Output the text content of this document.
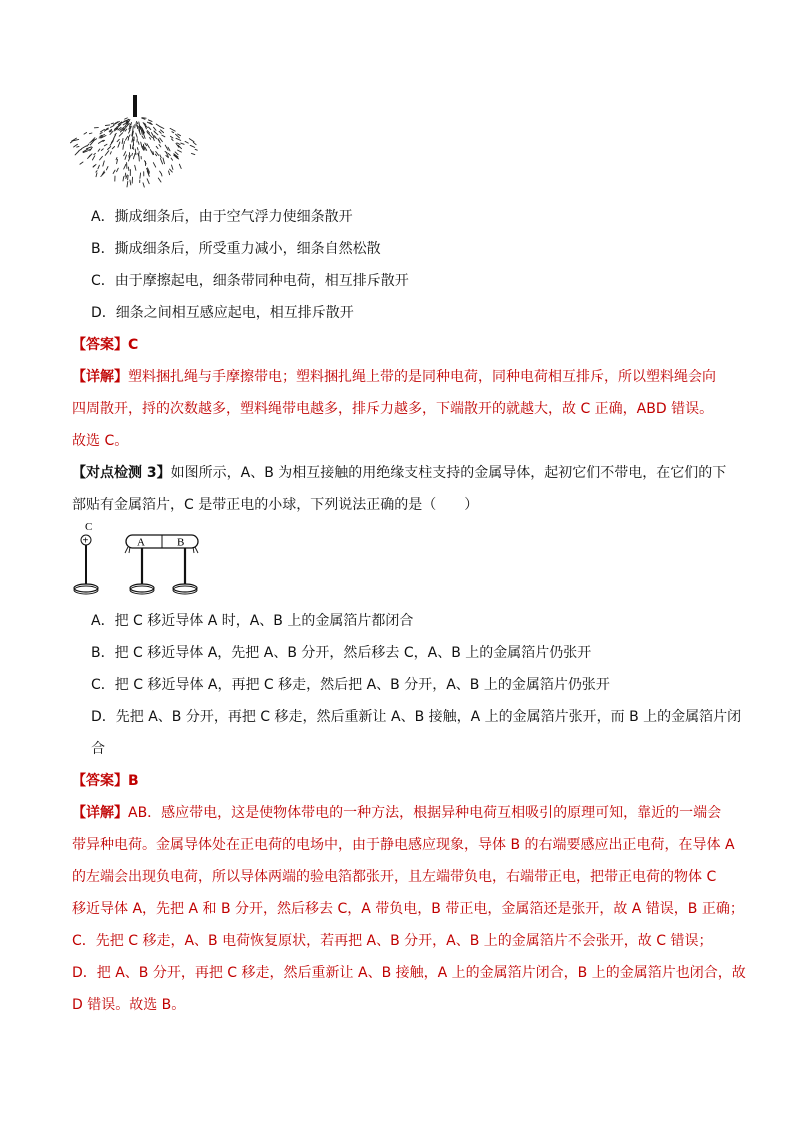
A．撕成细条后，由于空气浮力使细条散开
B．撕成细条后，所受重力减小，细条自然松散
C．由于摩擦起电，细条带同种电荷，相互排斥散开
D．细条之间相互感应起电，相互排斥散开
【答案】C
【详解】塑料捆扎绳与手摩擦带电；塑料捆扎绳上带的是同种电荷，同种电荷相互排斥，所以塑料绳会向
四周散开，捋的次数越多，塑料绳带电越多，排斥力越多，下端散开的就越大，故 C 正确，ABD 错误。
故选 C。
【对点检测 3】如图所示，A、B 为相互接触的用绝缘支柱支持的金属导体，起初它们不带电，在它们的下
部贴有金属箔片，C 是带正电的小球，下列说法正确的是（　　）
C
+	A	B
A．把 C 移近导体 A 时，A、B 上的金属箔片都闭合
B．把 C 移近导体 A，先把 A、B 分开，然后移去 C，A、B 上的金属箔片仍张开
C．把 C 移近导体 A，再把 C 移走，然后把 A、B 分开，A、B 上的金属箔片仍张开
D．先把 A、B 分开，再把 C 移走，然后重新让 A、B 接触，A 上的金属箔片张开，而 B 上的金属箔片闭
合
【答案】B
【详解】AB．感应带电，这是使物体带电的一种方法，根据异种电荷互相吸引的原理可知，靠近的一端会
带异种电荷。金属导体处在正电荷的电场中，由于静电感应现象，导体 B 的右端要感应出正电荷，在导体 A
的左端会出现负电荷，所以导体两端的验电箔都张开，且左端带负电，右端带正电，把带正电荷的物体 C
移近导体 A，先把 A 和 B 分开，然后移去 C，A 带负电，B 带正电，金属箔还是张开，故 A 错误，B 正确；
C．先把 C 移走，A、B 电荷恢复原状，若再把 A、B 分开，A、B 上的金属箔片不会张开，故 C 错误；
D．把 A、B 分开，再把 C 移走，然后重新让 A、B 接触，A 上的金属箔片闭合，B 上的金属箔片也闭合，故
D 错误。故选 B。
